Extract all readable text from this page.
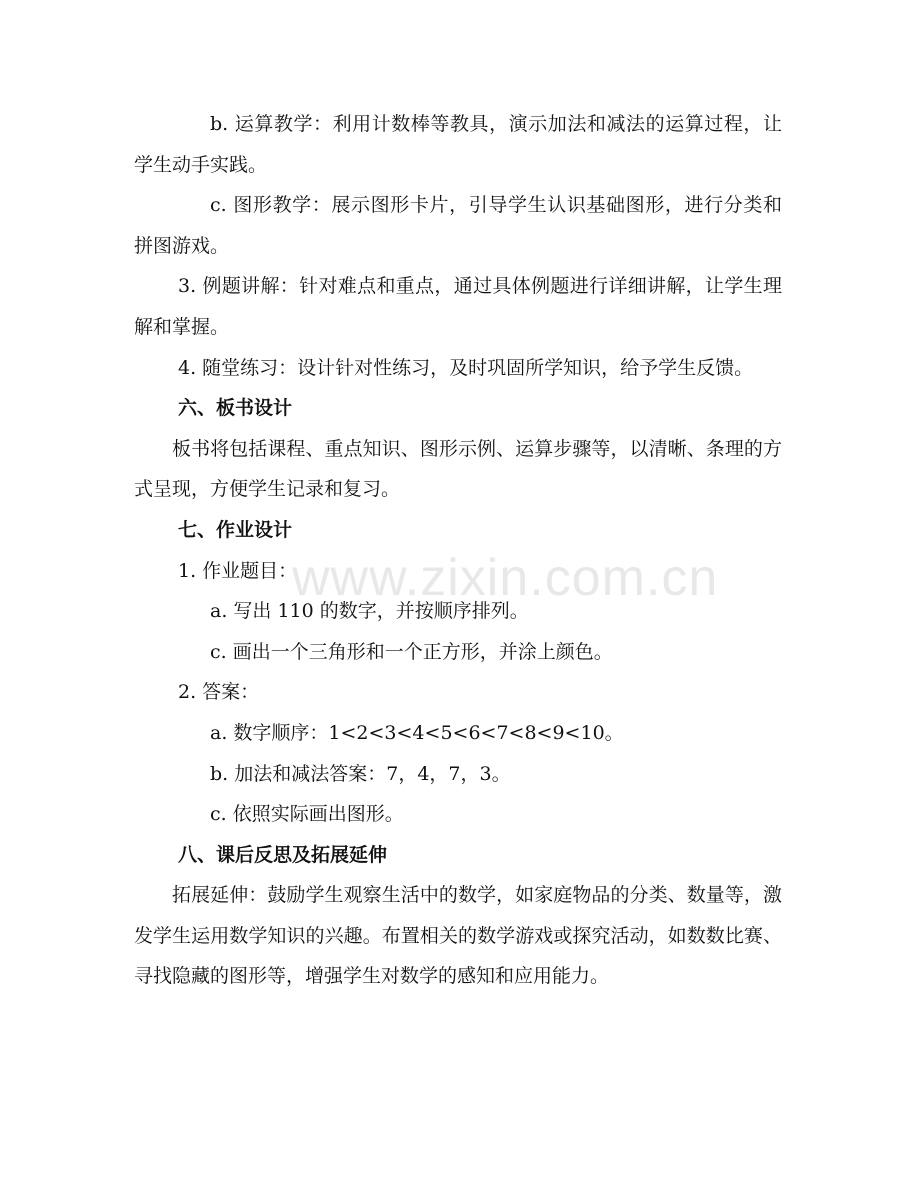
b. 运算教学：利用计数棒等教具，演示加法和减法的运算过程，让学生动手实践。

c. 图形教学：展示图形卡片，引导学生认识基础图形，进行分类和拼图游戏。

3. 例题讲解：针对难点和重点，通过具体例题进行详细讲解，让学生理解和掌握。

4. 随堂练习：设计针对性练习，及时巩固所学知识，给予学生反馈。

六、板书设计

板书将包括课程、重点知识、图形示例、运算步骤等，以清晰、条理的方式呈现，方便学生记录和复习。

七、作业设计

1. 作业题目：

a. 写出 110 的数字，并按顺序排列。

c. 画出一个三角形和一个正方形，并涂上颜色。

2. 答案：

a. 数字顺序：1<2<3<4<5<6<7<8<9<10。

b. 加法和减法答案：7，4，7，3。

c. 依照实际画出图形。

八、课后反思及拓展延伸

拓展延伸：鼓励学生观察生活中的数学，如家庭物品的分类、数量等，激发学生运用数学知识的兴趣。布置相关的数学游戏或探究活动，如数数比赛、寻找隐藏的图形等，增强学生对数学的感知和应用能力。

www.zixin.com.cn
